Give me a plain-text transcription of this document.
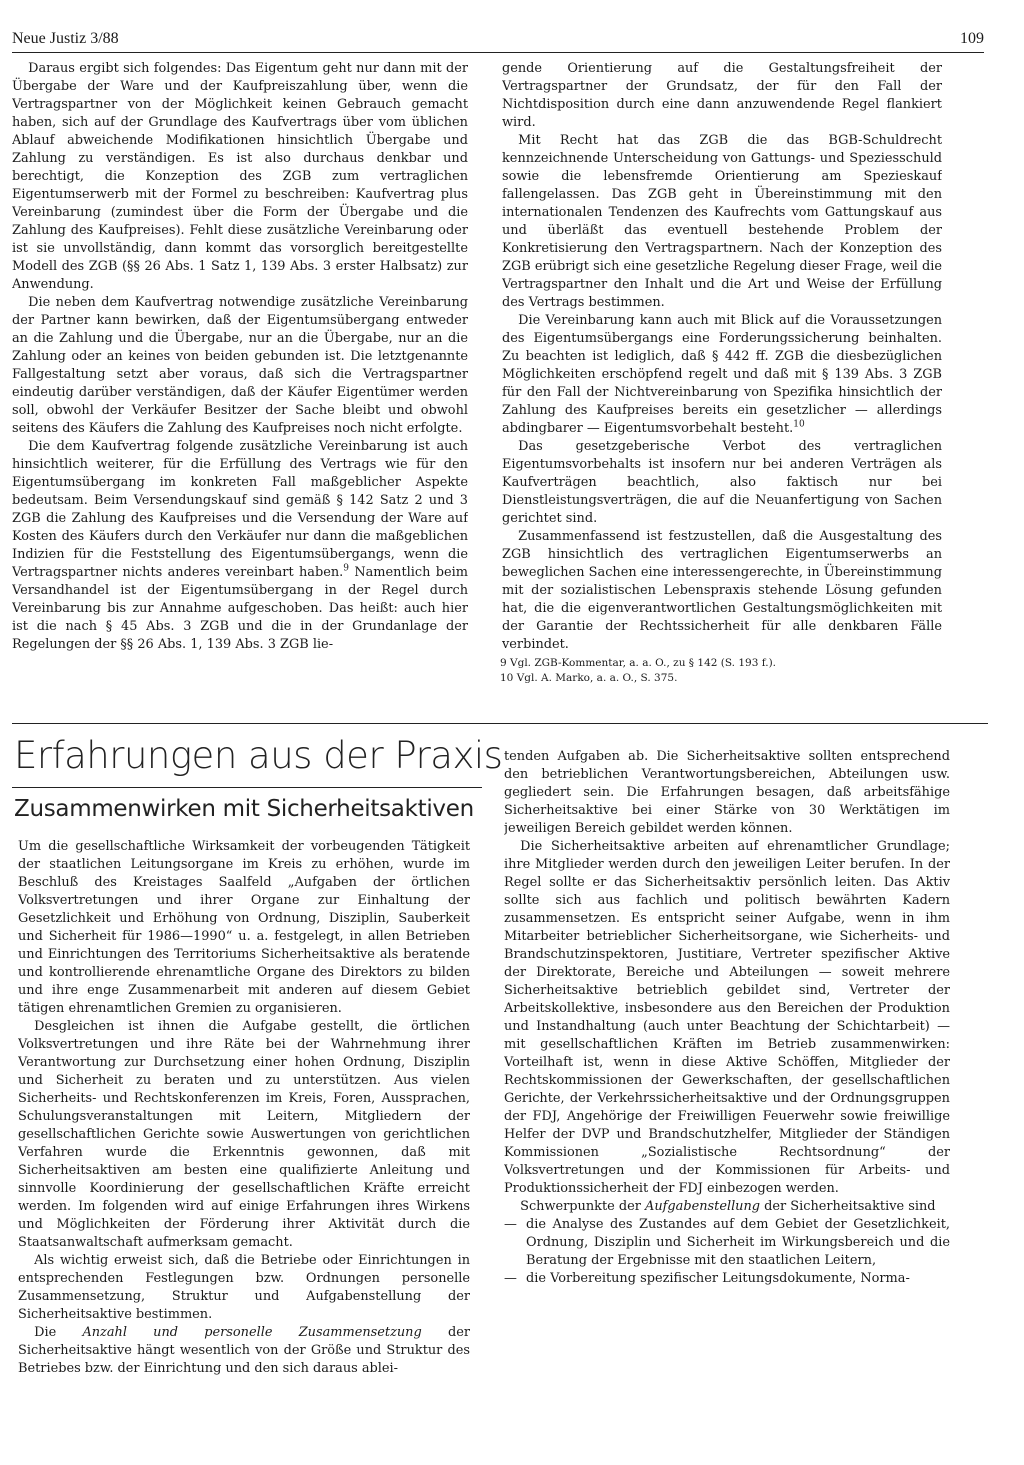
Neue Justiz 3/88	109

Daraus ergibt sich folgendes: Das Eigentum geht nur dann mit der Übergabe der Ware und der Kaufpreiszahlung über, wenn die Vertragspartner von der Möglichkeit keinen Gebrauch gemacht haben, sich auf der Grundlage des Kaufvertrags über vom üblichen Ablauf abweichende Modifikationen hinsichtlich Übergabe und Zahlung zu verständigen. Es ist also durchaus denkbar und berechtigt, die Konzeption des ZGB zum vertraglichen Eigentumserwerb mit der Formel zu beschreiben: Kaufvertrag plus Vereinbarung (zumindest über die Form der Übergabe und die Zahlung des Kaufpreises). Fehlt diese zusätzliche Vereinbarung oder ist sie unvollständig, dann kommt das vorsorglich bereitgestellte Modell des ZGB (§§ 26 Abs. 1 Satz 1, 139 Abs. 3 erster Halbsatz) zur Anwendung.

Die neben dem Kaufvertrag notwendige zusätzliche Vereinbarung der Partner kann bewirken, daß der Eigentumsübergang entweder an die Zahlung und die Übergabe, nur an die Übergabe, nur an die Zahlung oder an keines von beiden gebunden ist. Die letztgenannte Fallgestaltung setzt aber voraus, daß sich die Vertragspartner eindeutig darüber verständigen, daß der Käufer Eigentümer werden soll, obwohl der Verkäufer Besitzer der Sache bleibt und obwohl seitens des Käufers die Zahlung des Kaufpreises noch nicht erfolgte.

Die dem Kaufvertrag folgende zusätzliche Vereinbarung ist auch hinsichtlich weiterer, für die Erfüllung des Vertrags wie für den Eigentumsübergang im konkreten Fall maßgeblicher Aspekte bedeutsam. Beim Versendungskauf sind gemäß § 142 Satz 2 und 3 ZGB die Zahlung des Kaufpreises und die Versendung der Ware auf Kosten des Käufers durch den Verkäufer nur dann die maßgeblichen Indizien für die Feststellung des Eigentumsübergangs, wenn die Vertragspartner nichts anderes vereinbart haben.$^9$ Namentlich beim Versandhandel ist der Eigentumsübergang in der Regel durch Vereinbarung bis zur Annahme aufgeschoben. Das heißt: auch hier ist die nach § 45 Abs. 3 ZGB und die in der Grundanlage der Regelungen der §§ 26 Abs. 1, 139 Abs. 3 ZGB lie-

gende Orientierung auf die Gestaltungsfreiheit der Vertragspartner der Grundsatz, der für den Fall der Nichtdisposition durch eine dann anzuwendende Regel flankiert wird.

Mit Recht hat das ZGB die das BGB-Schuldrecht kennzeichnende Unterscheidung von Gattungs- und Speziesschuld sowie die lebensfremde Orientierung am Spezieskauf fallengelassen. Das ZGB geht in Übereinstimmung mit den internationalen Tendenzen des Kaufrechts vom Gattungskauf aus und überläßt das eventuell bestehende Problem der Konkretisierung den Vertragspartnern. Nach der Konzeption des ZGB erübrigt sich eine gesetzliche Regelung dieser Frage, weil die Vertragspartner den Inhalt und die Art und Weise der Erfüllung des Vertrags bestimmen.

Die Vereinbarung kann auch mit Blick auf die Voraussetzungen des Eigentumsübergangs eine Forderungssicherung beinhalten. Zu beachten ist lediglich, daß § 442 ff. ZGB die diesbezüglichen Möglichkeiten erschöpfend regelt und daß mit § 139 Abs. 3 ZGB für den Fall der Nichtvereinbarung von Spezifika hinsichtlich der Zahlung des Kaufpreises bereits ein gesetzlicher — allerdings abdingbarer — Eigentumsvorbehalt besteht.$^{10}$

Das gesetzgeberische Verbot des vertraglichen Eigentumsvorbehalts ist insofern nur bei anderen Verträgen als Kaufverträgen beachtlich, also faktisch nur bei Dienstleistungsverträgen, die auf die Neuanfertigung von Sachen gerichtet sind.

Zusammenfassend ist festzustellen, daß die Ausgestaltung des ZGB hinsichtlich des vertraglichen Eigentumserwerbs an beweglichen Sachen eine interessengerechte, in Übereinstimmung mit der sozialistischen Lebenspraxis stehende Lösung gefunden hat, die die eigenverantwortlichen Gestaltungsmöglichkeiten mit der Garantie der Rechtssicherheit für alle denkbaren Fälle verbindet.

9 Vgl. ZGB-Kommentar, a. a. O., zu § 142 (S. 193 f.).
10 Vgl. A. Marko, a. a. O., S. 375.
Erfahrungen aus der Praxis
Zusammenwirken mit Sicherheitsaktiven

Um die gesellschaftliche Wirksamkeit der vorbeugenden Tätigkeit der staatlichen Leitungsorgane im Kreis zu erhöhen, wurde im Beschluß des Kreistages Saalfeld „Aufgaben der örtlichen Volksvertretungen und ihrer Organe zur Einhaltung der Gesetzlichkeit und Erhöhung von Ordnung, Disziplin, Sauberkeit und Sicherheit für 1986—1990“ u. a. festgelegt, in allen Betrieben und Einrichtungen des Territoriums Sicherheitsaktive als beratende und kontrollierende ehrenamtliche Organe des Direktors zu bilden und ihre enge Zusammenarbeit mit anderen auf diesem Gebiet tätigen ehrenamtlichen Gremien zu organisieren.

Desgleichen ist ihnen die Aufgabe gestellt, die örtlichen Volksvertretungen und ihre Räte bei der Wahrnehmung ihrer Verantwortung zur Durchsetzung einer hohen Ordnung, Disziplin und Sicherheit zu beraten und zu unterstützen. Aus vielen Sicherheits- und Rechtskonferenzen im Kreis, Foren, Aussprachen, Schulungsveranstaltungen mit Leitern, Mitgliedern der gesellschaftlichen Gerichte sowie Auswertungen von gerichtlichen Verfahren wurde die Erkenntnis gewonnen, daß mit Sicherheitsaktiven am besten eine qualifizierte Anleitung und sinnvolle Koordinierung der gesellschaftlichen Kräfte erreicht werden. Im folgenden wird auf einige Erfahrungen ihres Wirkens und Möglichkeiten der Förderung ihrer Aktivität durch die Staatsanwaltschaft aufmerksam gemacht.

Als wichtig erweist sich, daß die Betriebe oder Einrichtungen in entsprechenden Festlegungen bzw. Ordnungen personelle Zusammensetzung, Struktur und Aufgabenstellung der Sicherheitsaktive bestimmen.

Die Anzahl und personelle Zusammensetzung der Sicherheitsaktive hängt wesentlich von der Größe und Struktur des Betriebes bzw. der Einrichtung und den sich daraus ablei-

tenden Aufgaben ab. Die Sicherheitsaktive sollten entsprechend den betrieblichen Verantwortungsbereichen, Abteilungen usw. gegliedert sein. Die Erfahrungen besagen, daß arbeitsfähige Sicherheitsaktive bei einer Stärke von 30 Werktätigen im jeweiligen Bereich gebildet werden können.

Die Sicherheitsaktive arbeiten auf ehrenamtlicher Grundlage; ihre Mitglieder werden durch den jeweiligen Leiter berufen. In der Regel sollte er das Sicherheitsaktiv persönlich leiten. Das Aktiv sollte sich aus fachlich und politisch bewährten Kadern zusammensetzen. Es entspricht seiner Aufgabe, wenn in ihm Mitarbeiter betrieblicher Sicherheitsorgane, wie Sicherheits- und Brandschutzinspektoren, Justitiare, Vertreter spezifischer Aktive der Direktorate, Bereiche und Abteilungen — soweit mehrere Sicherheitsaktive betrieblich gebildet sind, Vertreter der Arbeitskollektive, insbesondere aus den Bereichen der Produktion und Instandhaltung (auch unter Beachtung der Schichtarbeit) — mit gesellschaftlichen Kräften im Betrieb zusammenwirken: Vorteilhaft ist, wenn in diese Aktive Schöffen, Mitglieder der Rechtskommissionen der Gewerkschaften, der gesellschaftlichen Gerichte, der Verkehrssicherheitsaktive und der Ordnungsgruppen der FDJ, Angehörige der Freiwilligen Feuerwehr sowie freiwillige Helfer der DVP und Brandschutzhelfer, Mitglieder der Ständigen Kommissionen „Sozialistische Rechtsordnung“ der Volksvertretungen und der Kommissionen für Arbeits- und Produktionssicherheit der FDJ einbezogen werden.

Schwerpunkte der Aufgabenstellung der Sicherheitsaktive sind

— die Analyse des Zustandes auf dem Gebiet der Gesetzlichkeit, Ordnung, Disziplin und Sicherheit im Wirkungsbereich und die Beratung der Ergebnisse mit den staatlichen Leitern,
— die Vorbereitung spezifischer Leitungsdokumente, Norma-
